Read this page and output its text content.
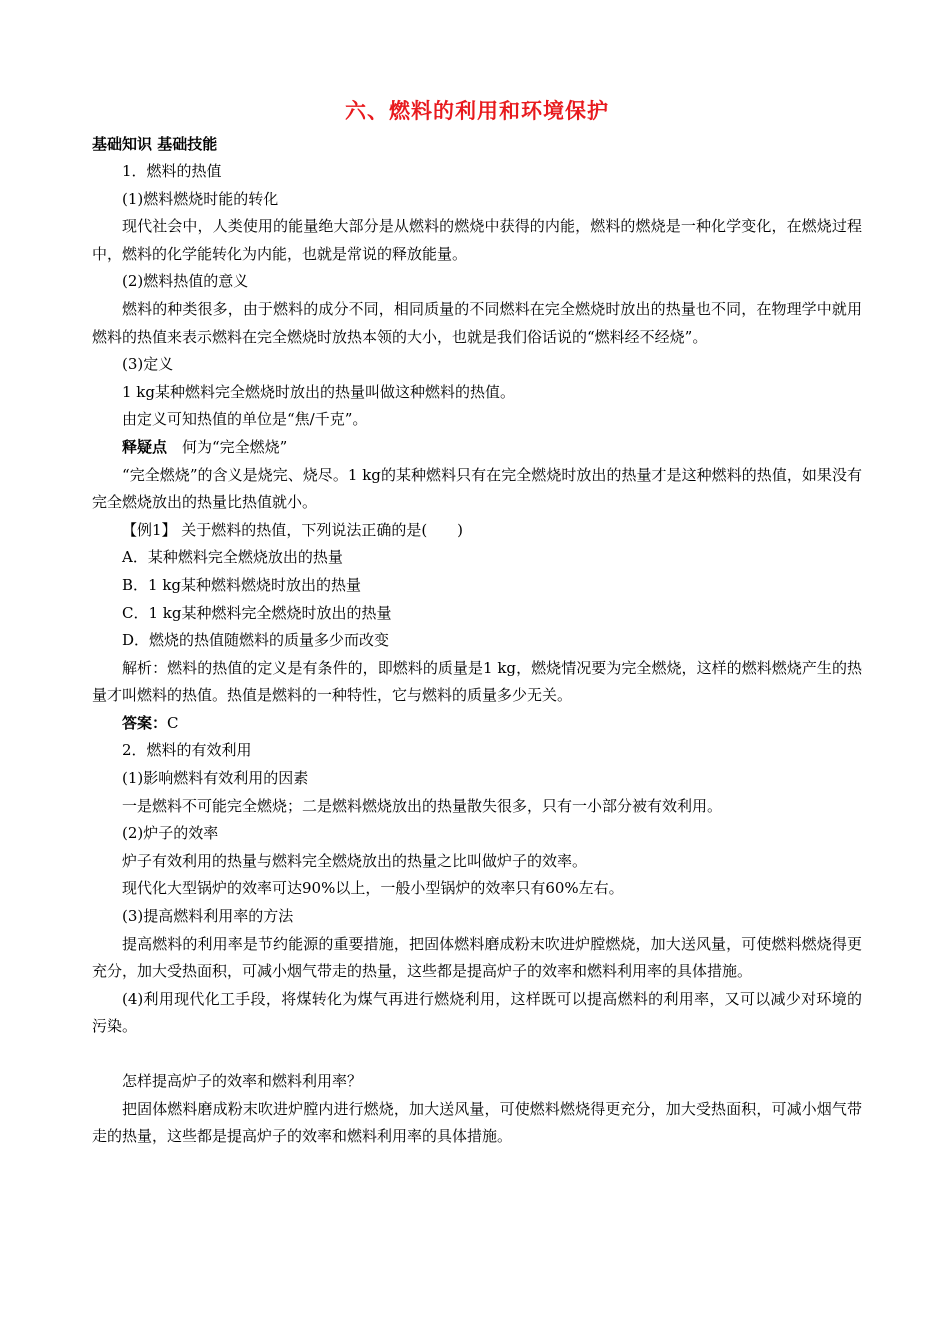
六、燃料的利用和环境保护
基础知识 基础技能

1．燃料的热值

(1)燃料燃烧时能的转化

现代社会中，人类使用的能量绝大部分是从燃料的燃烧中获得的内能，燃料的燃烧是一种化学变化，在燃烧过程中，燃料的化学能转化为内能，也就是常说的释放能量。

(2)燃料热值的意义

燃料的种类很多，由于燃料的成分不同，相同质量的不同燃料在完全燃烧时放出的热量也不同，在物理学中就用燃料的热值来表示燃料在完全燃烧时放热本领的大小，也就是我们俗话说的“燃料经不经烧”。

(3)定义

1 kg某种燃料完全燃烧时放出的热量叫做这种燃料的热值。

由定义可知热值的单位是“焦/千克”。

释疑点　何为“完全燃烧”

“完全燃烧”的含义是烧完、烧尽。1 kg的某种燃料只有在完全燃烧时放出的热量才是这种燃料的热值，如果没有完全燃烧放出的热量比热值就小。

【例1】 关于燃料的热值，下列说法正确的是(　　)

A．某种燃料完全燃烧放出的热量

B．1 kg某种燃料燃烧时放出的热量

C．1 kg某种燃料完全燃烧时放出的热量

D．燃烧的热值随燃料的质量多少而改变

解析：燃料的热值的定义是有条件的，即燃料的质量是1 kg，燃烧情况要为完全燃烧，这样的燃料燃烧产生的热量才叫燃料的热值。热值是燃料的一种特性，它与燃料的质量多少无关。

答案：C

2．燃料的有效利用

(1)影响燃料有效利用的因素

一是燃料不可能完全燃烧；二是燃料燃烧放出的热量散失很多，只有一小部分被有效利用。

(2)炉子的效率

炉子有效利用的热量与燃料完全燃烧放出的热量之比叫做炉子的效率。

现代化大型锅炉的效率可达90%以上，一般小型锅炉的效率只有60%左右。

(3)提高燃料利用率的方法

提高燃料的利用率是节约能源的重要措施，把固体燃料磨成粉末吹进炉膛燃烧，加大送风量，可使燃料燃烧得更充分，加大受热面积，可减小烟气带走的热量，这些都是提高炉子的效率和燃料利用率的具体措施。

(4)利用现代化工手段，将煤转化为煤气再进行燃烧利用，这样既可以提高燃料的利用率，又可以减少对环境的污染。

怎样提高炉子的效率和燃料利用率？

把固体燃料磨成粉末吹进炉膛内进行燃烧，加大送风量，可使燃料燃烧得更充分，加大受热面积，可减小烟气带走的热量，这些都是提高炉子的效率和燃料利用率的具体措施。
